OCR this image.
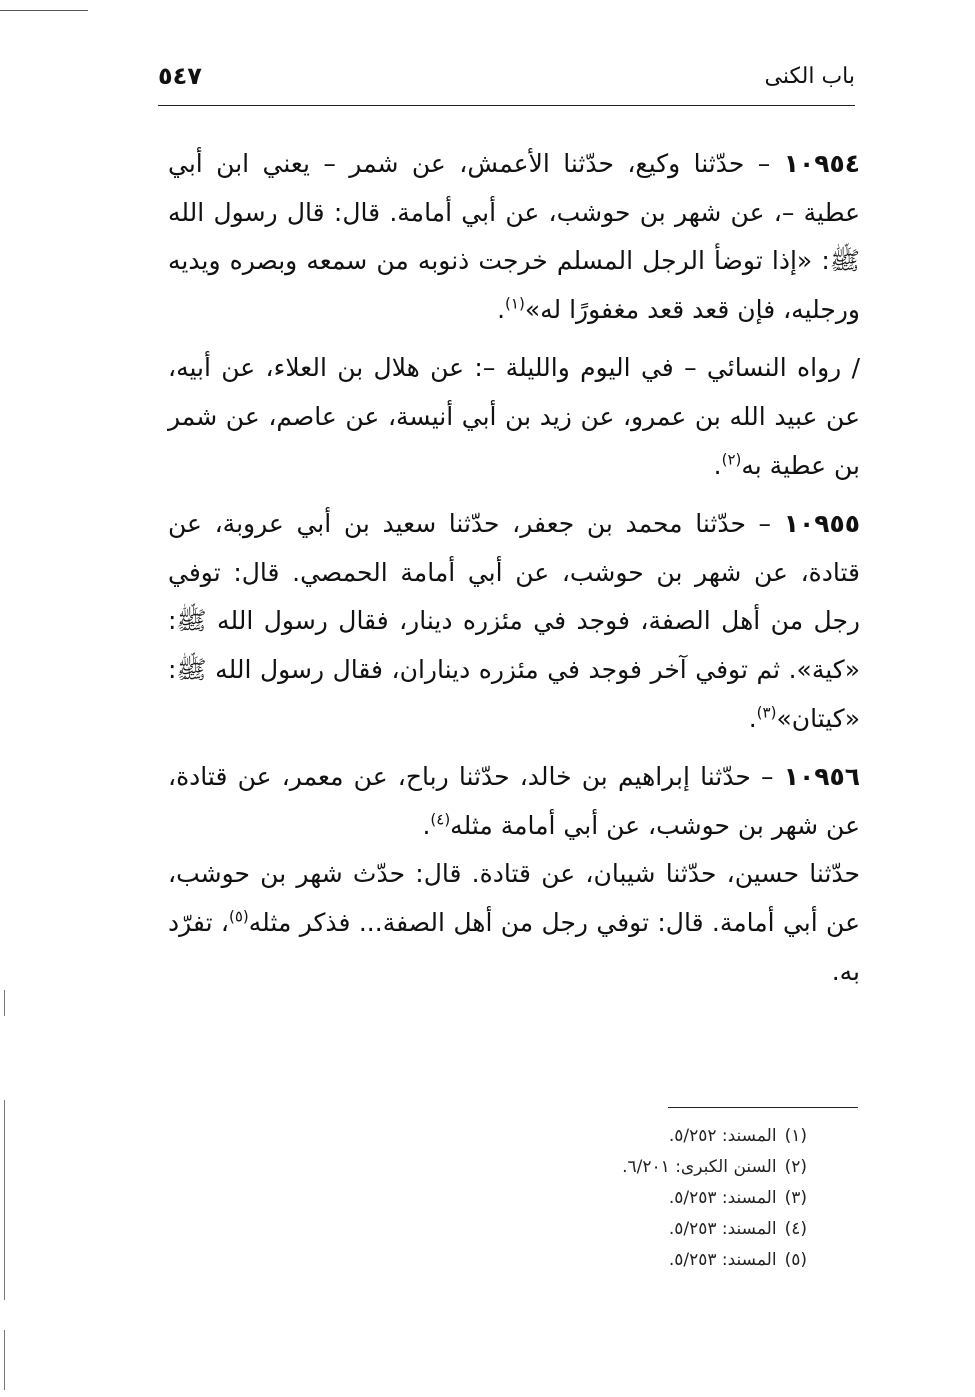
باب الكنى
٥٤٧

١٠٩٥٤ – حدّثنا وكيع، حدّثنا الأعمش، عن شمر – يعني ابن أبي عطية –، عن شهر بن حوشب، عن أبي أمامة. قال: قال رسول الله ﷺ: «إذا توضأ الرجل المسلم خرجت ذنوبه من سمعه وبصره ويديه ورجليه، فإن قعد قعد مغفورًا له»$^{(١)}$.

/ رواه النسائي – في اليوم والليلة –: عن هلال بن العلاء، عن أبيه، عن عبيد الله بن عمرو، عن زيد بن أبي أنيسة، عن عاصم، عن شمر بن عطية به$^{(٢)}$.

١٠٩٥٥ – حدّثنا محمد بن جعفر، حدّثنا سعيد بن أبي عروبة، عن قتادة، عن شهر بن حوشب، عن أبي أمامة الحمصي. قال: توفي رجل من أهل الصفة، فوجد في مئزره دينار، فقال رسول الله ﷺ: «كية». ثم توفي آخر فوجد في مئزره ديناران، فقال رسول الله ﷺ: «كيتان»$^{(٣)}$.

١٠٩٥٦ – حدّثنا إبراهيم بن خالد، حدّثنا رباح، عن معمر، عن قتادة، عن شهر بن حوشب، عن أبي أمامة مثله$^{(٤)}$.

حدّثنا حسين، حدّثنا شيبان، عن قتادة. قال: حدّث شهر بن حوشب، عن أبي أمامة. قال: توفي رجل من أهل الصفة... فذكر مثله$^{(٥)}$، تفرّد به.

(١)المسند: ٥/٢٥٢.
(٢)السنن الكبرى: ٦/٢٠١.
(٣)المسند: ٥/٢٥٣.
(٤)المسند: ٥/٢٥٣.
(٥)المسند: ٥/٢٥٣.
